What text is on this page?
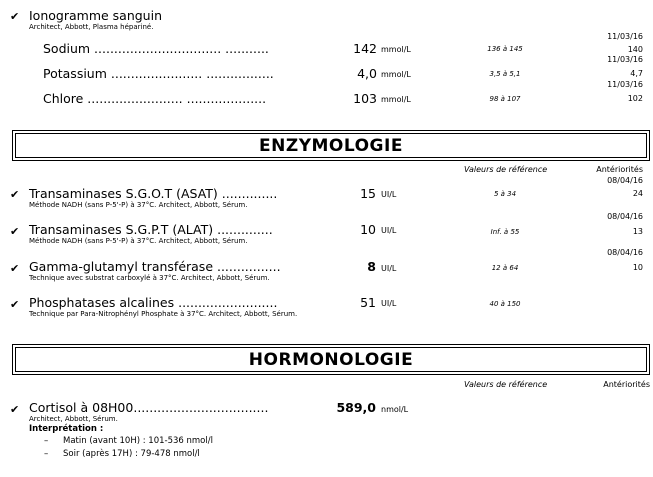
✔ Ionogramme sanguin
Architect, Abbott, Plasma hépariné.
11/03/16
Sodium ................................ ...........	142 mmol/L	136 à 145	140
11/03/16
Potassium ....................... .................	4,0 mmol/L	3,5 à 5,1	4,7
11/03/16
Chlore ........................ ....................	103 mmol/L	98 à 107	102
ENZYMOLOGIE
Valeurs de référence	Antériorités
08/04/16
✔ Transaminases S.G.O.T (ASAT) ..............	15 UI/L	5 à 34	24
Méthode NADH (sans P-5'-P) à 37°C. Architect, Abbott, Sérum.
08/04/16
✔ Transaminases S.G.P.T (ALAT) ..............	10 UI/L	Inf. à 55	13
Méthode NADH (sans P-5'-P) à 37°C. Architect, Abbott, Sérum.
08/04/16
✔ Gamma-glutamyl transférase ................	8 UI/L	12 à 64	10
Technique avec substrat carboxylé à 37°C. Architect, Abbott, Sérum.
✔ Phosphatases alcalines .........................	51 UI/L	40 à 150
Technique par Para-Nitrophényl Phosphate à 37°C. Architect, Abbott, Sérum.
HORMONOLOGIE
Valeurs de référence	Antériorités
✔ Cortisol à 08H00..................................	589,0 nmol/L
Architect, Abbott, Sérum.
Interprétation :
– Matin (avant 10H) : 101-536 nmol/l
– Soir (après 17H) : 79-478 nmol/l
